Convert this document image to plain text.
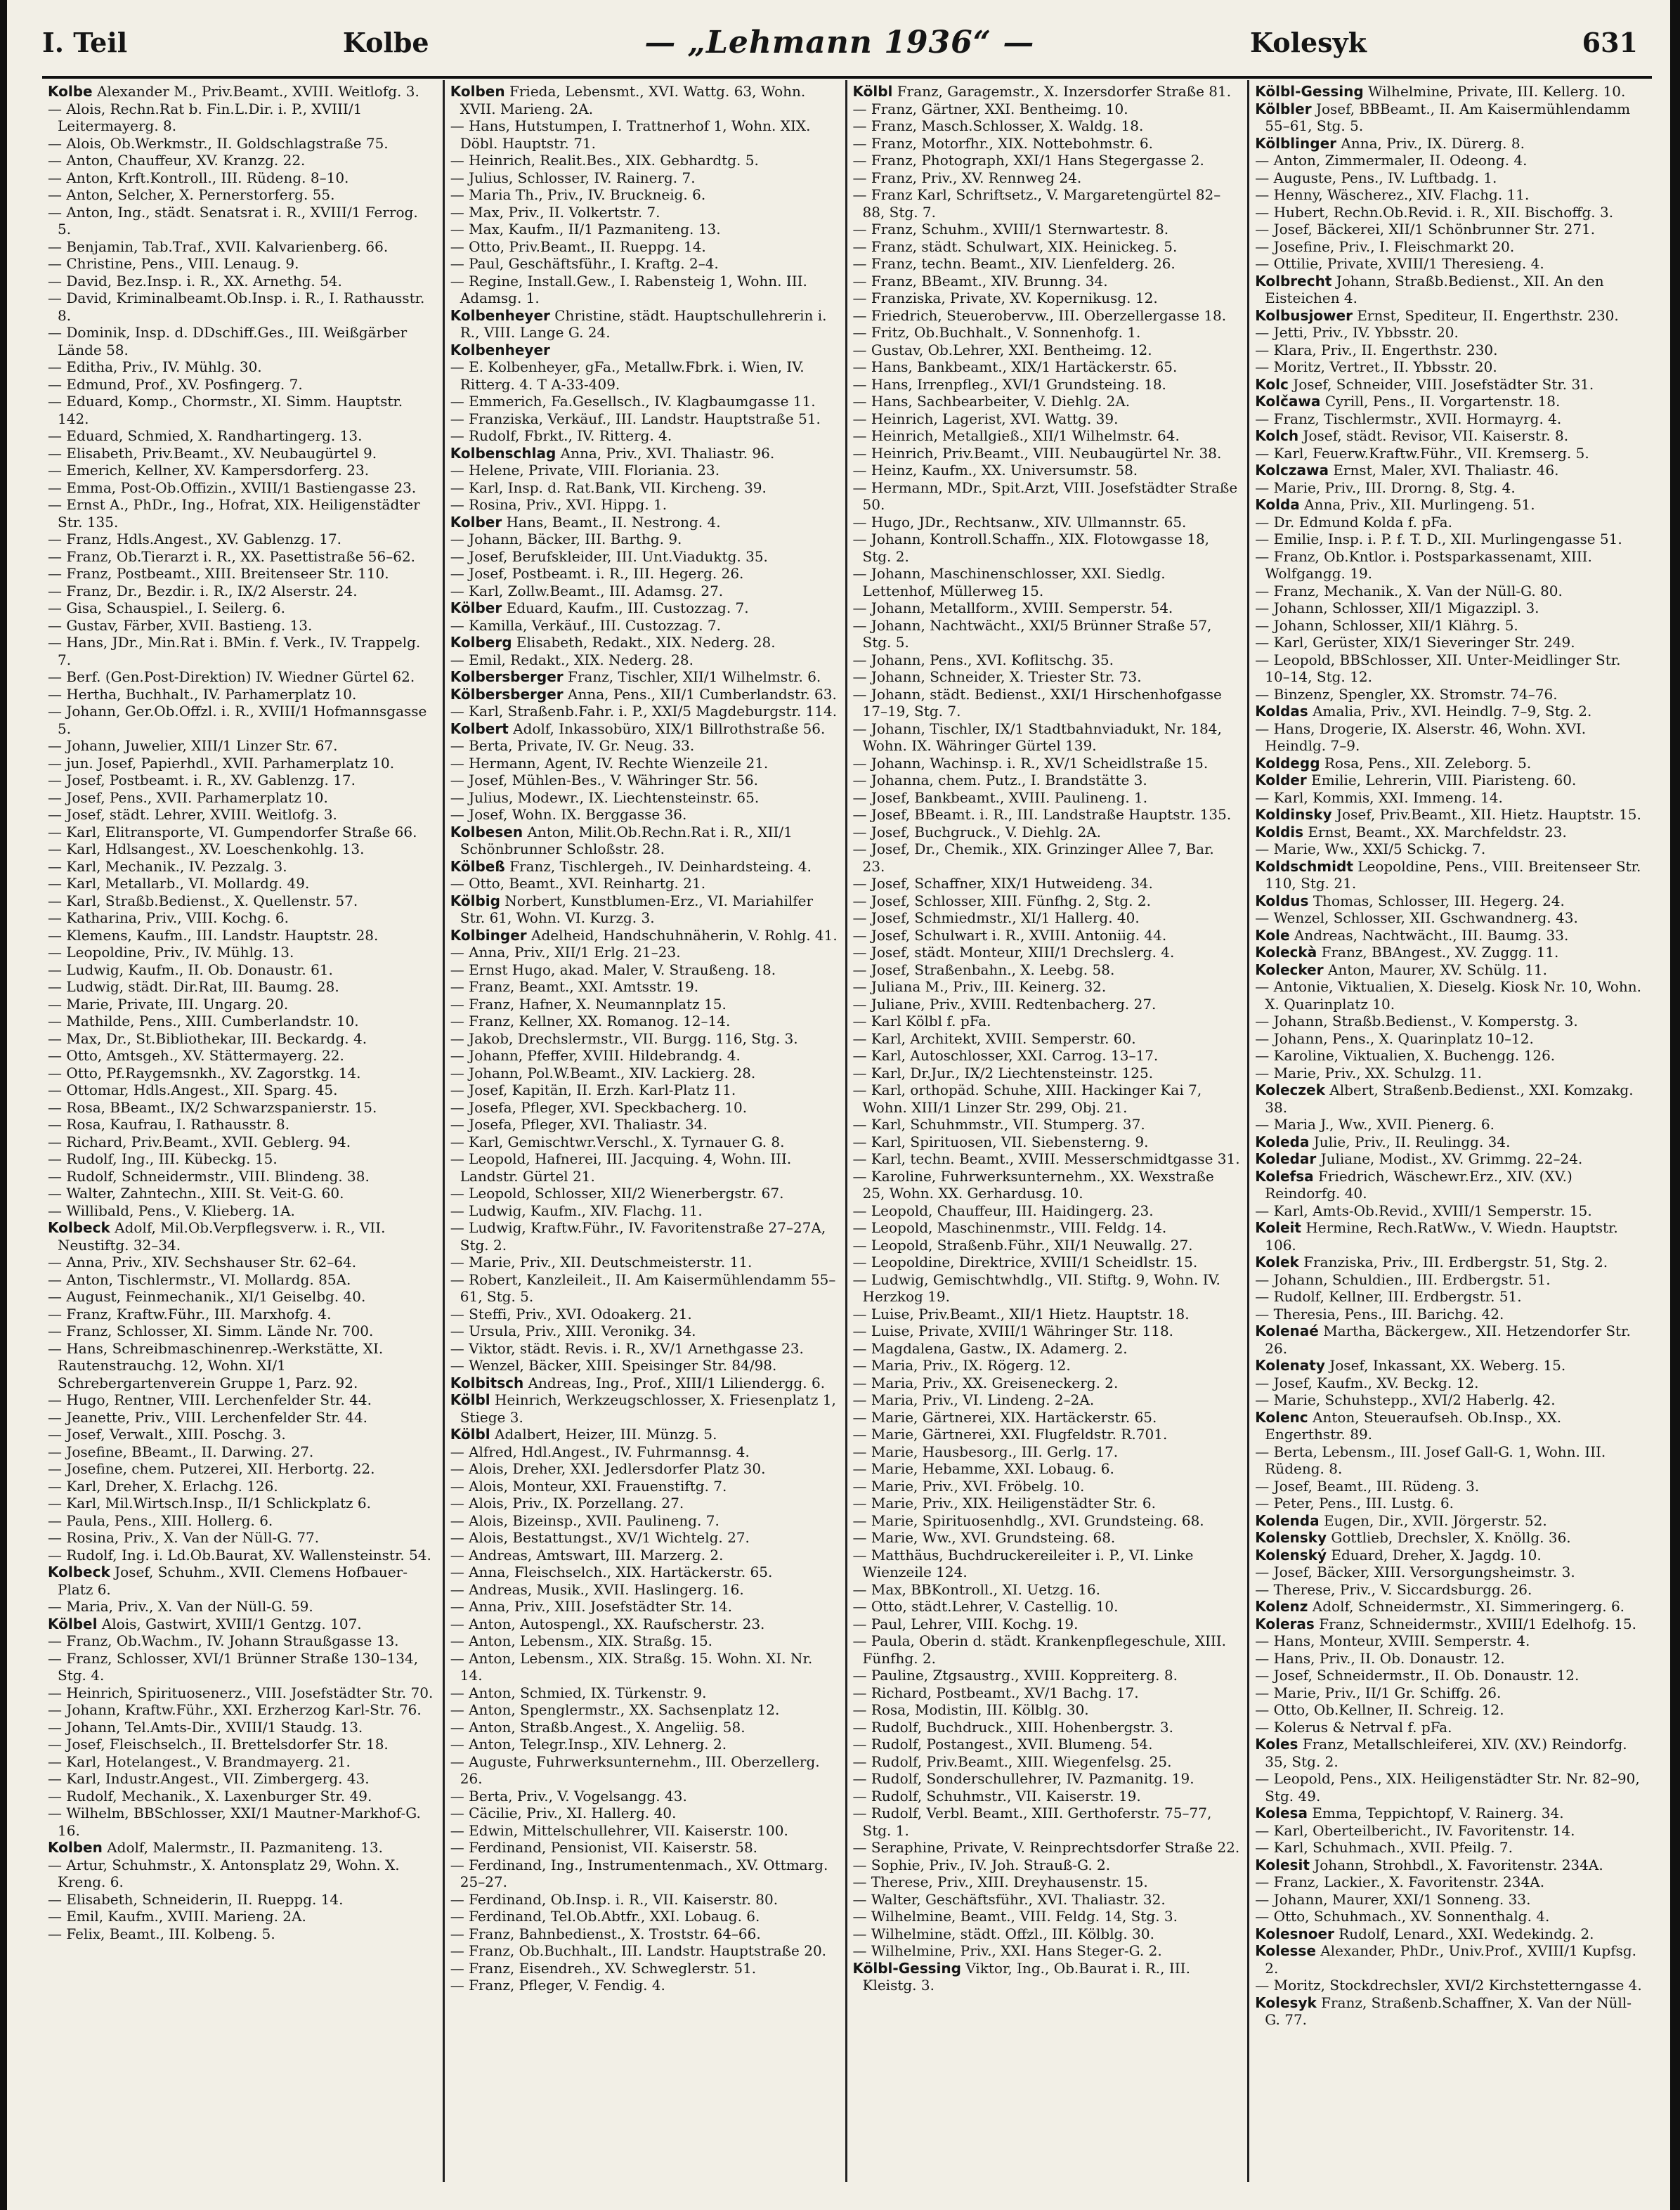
I. Teil	Kolbe	— „Lehmann 1936“ —	Kolesyk	631

Kolbe Alexander M., Priv.Beamt., XVIII. Weitlofg. 3.

— Alois, Rechn.Rat b. Fin.L.Dir. i. P., XVIII/1 Leitermayerg. 8.

— Alois, Ob.Werkmstr., II. Goldschlagstraße 75.

— Anton, Chauffeur, XV. Kranzg. 22.

— Anton, Krft.Kontroll., III. Rüdeng. 8–10.

— Anton, Selcher, X. Pernerstorferg. 55.

— Anton, Ing., städt. Senatsrat i. R., XVIII/1 Ferrog. 5.

— Benjamin, Tab.Traf., XVII. Kalvarienberg. 66.

— Christine, Pens., VIII. Lenaug. 9.

— David, Bez.Insp. i. R., XX. Arnethg. 54.

— David, Kriminalbeamt.Ob.Insp. i. R., I. Rathausstr. 8.

— Dominik, Insp. d. DDschiff.Ges., III. Weißgärber Lände 58.

— Editha, Priv., IV. Mühlg. 30.

— Edmund, Prof., XV. Posfingerg. 7.

— Eduard, Komp., Chormstr., XI. Simm. Hauptstr. 142.

— Eduard, Schmied, X. Randhartingerg. 13.

— Elisabeth, Priv.Beamt., XV. Neubaugürtel 9.

— Emerich, Kellner, XV. Kampersdorferg. 23.

— Emma, Post-Ob.Offizin., XVIII/1 Bastiengasse 23.

— Ernst A., PhDr., Ing., Hofrat, XIX. Heiligenstädter Str. 135.

— Franz, Hdls.Angest., XV. Gablenzg. 17.

— Franz, Ob.Tierarzt i. R., XX. Pasettistraße 56–62.

— Franz, Postbeamt., XIII. Breitenseer Str. 110.

— Franz, Dr., Bezdir. i. R., IX/2 Alserstr. 24.

— Gisa, Schauspiel., I. Seilerg. 6.

— Gustav, Färber, XVII. Bastieng. 13.

— Hans, JDr., Min.Rat i. BMin. f. Verk., IV. Trappelg. 7.

— Berf. (Gen.Post-Direktion) IV. Wiedner Gürtel 62.

— Hertha, Buchhalt., IV. Parhamerplatz 10.

— Johann, Ger.Ob.Offzl. i. R., XVIII/1 Hofmannsgasse 5.

— Johann, Juwelier, XIII/1 Linzer Str. 67.

— jun. Josef, Papierhdl., XVII. Parhamerplatz 10.

— Josef, Postbeamt. i. R., XV. Gablenzg. 17.

— Josef, Pens., XVII. Parhamerplatz 10.

— Josef, städt. Lehrer, XVIII. Weitlofg. 3.

— Karl, Elitransporte, VI. Gumpendorfer Straße 66.

— Karl, Hdlsangest., XV. Loeschenkohlg. 13.

— Karl, Mechanik., IV. Pezzalg. 3.

— Karl, Metallarb., VI. Mollardg. 49.

— Karl, Straßb.Bedienst., X. Quellenstr. 57.

— Katharina, Priv., VIII. Kochg. 6.

— Klemens, Kaufm., III. Landstr. Hauptstr. 28.

— Leopoldine, Priv., IV. Mühlg. 13.

— Ludwig, Kaufm., II. Ob. Donaustr. 61.

— Ludwig, städt. Dir.Rat, III. Baumg. 28.

— Marie, Private, III. Ungarg. 20.

— Mathilde, Pens., XIII. Cumberlandstr. 10.

— Max, Dr., St.Bibliothekar, III. Beckardg. 4.

— Otto, Amtsgeh., XV. Stättermayerg. 22.

— Otto, Pf.Raygemsnkh., XV. Zagorstkg. 14.

— Ottomar, Hdls.Angest., XII. Sparg. 45.

— Rosa, BBeamt., IX/2 Schwarzspanierstr. 15.

— Rosa, Kaufrau, I. Rathausstr. 8.

— Richard, Priv.Beamt., XVII. Geblerg. 94.

— Rudolf, Ing., III. Kübeckg. 15.

— Rudolf, Schneidermstr., VIII. Blindeng. 38.

— Walter, Zahntechn., XIII. St. Veit-G. 60.

— Willibald, Pens., V. Klieberg. 1A.

Kolbeck Adolf, Mil.Ob.Verpflegsverw. i. R., VII. Neustiftg. 32–34.

— Anna, Priv., XIV. Sechshauser Str. 62–64.

— Anton, Tischlermstr., VI. Mollardg. 85A.

— August, Feinmechanik., XI/1 Geiselbg. 40.

— Franz, Kraftw.Führ., III. Marxhofg. 4.

— Franz, Schlosser, XI. Simm. Lände Nr. 700.

— Hans, Schreibmaschinenrep.-Werkstätte, XI. Rautenstrauchg. 12, Wohn. XI/1 Schrebergartenverein Gruppe 1, Parz. 92.

— Hugo, Rentner, VIII. Lerchenfelder Str. 44.

— Jeanette, Priv., VIII. Lerchenfelder Str. 44.

— Josef, Verwalt., XIII. Poschg. 3.

— Josefine, BBeamt., II. Darwing. 27.

— Josefine, chem. Putzerei, XII. Herbortg. 22.

— Karl, Dreher, X. Erlachg. 126.

— Karl, Mil.Wirtsch.Insp., II/1 Schlickplatz 6.

— Paula, Pens., XIII. Hollerg. 6.

— Rosina, Priv., X. Van der Nüll-G. 77.

— Rudolf, Ing. i. Ld.Ob.Baurat, XV. Wallensteinstr. 54.

Kolbeck Josef, Schuhm., XVII. Clemens Hofbauer-Platz 6.

— Maria, Priv., X. Van der Nüll-G. 59.

Kölbel Alois, Gastwirt, XVIII/1 Gentzg. 107.

— Franz, Ob.Wachm., IV. Johann Straußgasse 13.

— Franz, Schlosser, XVI/1 Brünner Straße 130–134, Stg. 4.

— Heinrich, Spirituosenerz., VIII. Josefstädter Str. 70.

— Johann, Kraftw.Führ., XXI. Erzherzog Karl-Str. 76.

— Johann, Tel.Amts-Dir., XVIII/1 Staudg. 13.

— Josef, Fleischselch., II. Brettelsdorfer Str. 18.

— Karl, Hotelangest., V. Brandmayerg. 21.

— Karl, Industr.Angest., VII. Zimbergerg. 43.

— Rudolf, Mechanik., X. Laxenburger Str. 49.

— Wilhelm, BBSchlosser, XXI/1 Mautner-Markhof-G. 16.

Kolben Adolf, Malermstr., II. Pazmaniteng. 13.

— Artur, Schuhmstr., X. Antonsplatz 29, Wohn. X. Kreng. 6.

— Elisabeth, Schneiderin, II. Rueppg. 14.

— Emil, Kaufm., XVIII. Marieng. 2A.

— Felix, Beamt., III. Kolbeng. 5.

Kolben Frieda, Lebensmt., XVI. Wattg. 63, Wohn. XVII. Marieng. 2A.

— Hans, Hutstumpen, I. Trattnerhof 1, Wohn. XIX. Döbl. Hauptstr. 71.

— Heinrich, Realit.Bes., XIX. Gebhardtg. 5.

— Julius, Schlosser, IV. Rainerg. 7.

— Maria Th., Priv., IV. Bruckneig. 6.

— Max, Priv., II. Volkertstr. 7.

— Max, Kaufm., II/1 Pazmaniteng. 13.

— Otto, Priv.Beamt., II. Rueppg. 14.

— Paul, Geschäftsführ., I. Kraftg. 2–4.

— Regine, Install.Gew., I. Rabensteig 1, Wohn. III. Adamsg. 1.

Kolbenheyer Christine, städt. Hauptschullehrerin i. R., VIII. Lange G. 24.

Kolbenheyer

— E. Kolbenheyer, gFa., Metallw.Fbrk. i. Wien, IV. Ritterg. 4. T A-33-409.

— Emmerich, Fa.Gesellsch., IV. Klagbaumgasse 11.

— Franziska, Verkäuf., III. Landstr. Hauptstraße 51.

— Rudolf, Fbrkt., IV. Ritterg. 4.

Kolbenschlag Anna, Priv., XVI. Thaliastr. 96.

— Helene, Private, VIII. Floriania. 23.

— Karl, Insp. d. Rat.Bank, VII. Kircheng. 39.

— Rosina, Priv., XVI. Hippg. 1.

Kolber Hans, Beamt., II. Nestrong. 4.

— Johann, Bäcker, III. Barthg. 9.

— Josef, Berufskleider, III. Unt.Viaduktg. 35.

— Josef, Postbeamt. i. R., III. Hegerg. 26.

— Karl, Zollw.Beamt., III. Adamsg. 27.

Kölber Eduard, Kaufm., III. Custozzag. 7.

— Kamilla, Verkäuf., III. Custozzag. 7.

Kolberg Elisabeth, Redakt., XIX. Nederg. 28.

— Emil, Redakt., XIX. Nederg. 28.

Kolbersberger Franz, Tischler, XII/1 Wilhelmstr. 6.

Kölbersberger Anna, Pens., XII/1 Cumberlandstr. 63.

— Karl, Straßenb.Fahr. i. P., XXI/5 Magdeburgstr. 114.

Kolbert Adolf, Inkassobüro, XIX/1 Billrothstraße 56.

— Berta, Private, IV. Gr. Neug. 33.

— Hermann, Agent, IV. Rechte Wienzeile 21.

— Josef, Mühlen-Bes., V. Währinger Str. 56.

— Julius, Modewr., IX. Liechtensteinstr. 65.

— Josef, Wohn. IX. Berggasse 36.

Kolbesen Anton, Milit.Ob.Rechn.Rat i. R., XII/1 Schönbrunner Schloßstr. 28.

Kölbeß Franz, Tischlergeh., IV. Deinhardsteing. 4.

— Otto, Beamt., XVI. Reinhartg. 21.

Kölbig Norbert, Kunstblumen-Erz., VI. Mariahilfer Str. 61, Wohn. VI. Kurzg. 3.

Kolbinger Adelheid, Handschuhnäherin, V. Rohlg. 41.

— Anna, Priv., XII/1 Erlg. 21–23.

— Ernst Hugo, akad. Maler, V. Straußeng. 18.

— Franz, Beamt., XXI. Amtsstr. 19.

— Franz, Hafner, X. Neumannplatz 15.

— Franz, Kellner, XX. Romanog. 12–14.

— Jakob, Drechslermstr., VII. Burgg. 116, Stg. 3.

— Johann, Pfeffer, XVIII. Hildebrandg. 4.

— Johann, Pol.W.Beamt., XIV. Lackierg. 28.

— Josef, Kapitän, II. Erzh. Karl-Platz 11.

— Josefa, Pfleger, XVI. Speckbacherg. 10.

— Josefa, Pfleger, XVI. Thaliastr. 34.

— Karl, Gemischtwr.Verschl., X. Tyrnauer G. 8.

— Leopold, Hafnerei, III. Jacquing. 4, Wohn. III. Landstr. Gürtel 21.

— Leopold, Schlosser, XII/2 Wienerbergstr. 67.

— Ludwig, Kaufm., XIV. Flachg. 11.

— Ludwig, Kraftw.Führ., IV. Favoritenstraße 27–27A, Stg. 2.

— Marie, Priv., XII. Deutschmeisterstr. 11.

— Robert, Kanzleileit., II. Am Kaisermühlendamm 55–61, Stg. 5.

— Steffi, Priv., XVI. Odoakerg. 21.

— Ursula, Priv., XIII. Veronikg. 34.

— Viktor, städt. Revis. i. R., XV/1 Arnethgasse 23.

— Wenzel, Bäcker, XIII. Speisinger Str. 84/98.

Kolbitsch Andreas, Ing., Prof., XIII/1 Liliendergg. 6.

Kölbl Heinrich, Werkzeugschlosser, X. Friesenplatz 1, Stiege 3.

Kölbl Adalbert, Heizer, III. Münzg. 5.

— Alfred, Hdl.Angest., IV. Fuhrmannsg. 4.

— Alois, Dreher, XXI. Jedlersdorfer Platz 30.

— Alois, Monteur, XXI. Frauenstiftg. 7.

— Alois, Priv., IX. Porzellang. 27.

— Alois, Bizeinsp., XVII. Paulineng. 7.

— Alois, Bestattungst., XV/1 Wichtelg. 27.

— Andreas, Amtswart, III. Marzerg. 2.

— Anna, Fleischselch., XIX. Hartäckerstr. 65.

— Andreas, Musik., XVII. Haslingerg. 16.

— Anna, Priv., XIII. Josefstädter Str. 14.

— Anton, Autospengl., XX. Raufscherstr. 23.

— Anton, Lebensm., XIX. Straßg. 15.

— Anton, Lebensm., XIX. Straßg. 15. Wohn. XI. Nr. 14.

— Anton, Schmied, IX. Türkenstr. 9.

— Anton, Spenglermstr., XX. Sachsenplatz 12.

— Anton, Straßb.Angest., X. Angeliig. 58.

— Anton, Telegr.Insp., XIV. Lehnerg. 2.

— Auguste, Fuhrwerksunternehm., III. Oberzellerg. 26.

— Berta, Priv., V. Vogelsangg. 43.

— Cäcilie, Priv., XI. Hallerg. 40.

— Edwin, Mittelschullehrer, VII. Kaiserstr. 100.

— Ferdinand, Pensionist, VII. Kaiserstr. 58.

— Ferdinand, Ing., Instrumentenmach., XV. Ottmarg. 25–27.

— Ferdinand, Ob.Insp. i. R., VII. Kaiserstr. 80.

— Ferdinand, Tel.Ob.Abtfr., XXI. Lobaug. 6.

— Franz, Bahnbedienst., X. Troststr. 64–66.

— Franz, Ob.Buchhalt., III. Landstr. Hauptstraße 20.

— Franz, Eisendreh., XV. Schweglerstr. 51.

— Franz, Pfleger, V. Fendig. 4.

Kölbl Franz, Garagemstr., X. Inzersdorfer Straße 81.

— Franz, Gärtner, XXI. Bentheimg. 10.

— Franz, Masch.Schlosser, X. Waldg. 18.

— Franz, Motorfhr., XIX. Nottebohmstr. 6.

— Franz, Photograph, XXI/1 Hans Stegergasse 2.

— Franz, Priv., XV. Rennweg 24.

— Franz Karl, Schriftsetz., V. Margaretengürtel 82–88, Stg. 7.

— Franz, Schuhm., XVIII/1 Sternwartestr. 8.

— Franz, städt. Schulwart, XIX. Heinickeg. 5.

— Franz, techn. Beamt., XIV. Lienfelderg. 26.

— Franz, BBeamt., XIV. Brunng. 34.

— Franziska, Private, XV. Kopernikusg. 12.

— Friedrich, Steuerobervw., III. Oberzellergasse 18.

— Fritz, Ob.Buchhalt., V. Sonnenhofg. 1.

— Gustav, Ob.Lehrer, XXI. Bentheimg. 12.

— Hans, Bankbeamt., XIX/1 Hartäckerstr. 65.

— Hans, Irrenpfleg., XVI/1 Grundsteing. 18.

— Hans, Sachbearbeiter, V. Diehlg. 2A.

— Heinrich, Lagerist, XVI. Wattg. 39.

— Heinrich, Metallgieß., XII/1 Wilhelmstr. 64.

— Heinrich, Priv.Beamt., VIII. Neubaugürtel Nr. 38.

— Heinz, Kaufm., XX. Universumstr. 58.

— Hermann, MDr., Spit.Arzt, VIII. Josefstädter Straße 50.

— Hugo, JDr., Rechtsanw., XIV. Ullmannstr. 65.

— Johann, Kontroll.Schaffn., XIX. Flotowgasse 18, Stg. 2.

— Johann, Maschinenschlosser, XXI. Siedlg. Lettenhof, Müllerweg 15.

— Johann, Metallform., XVIII. Semperstr. 54.

— Johann, Nachtwächt., XXI/5 Brünner Straße 57, Stg. 5.

— Johann, Pens., XVI. Koflitschg. 35.

— Johann, Schneider, X. Triester Str. 73.

— Johann, städt. Bedienst., XXI/1 Hirschenhofgasse 17–19, Stg. 7.

— Johann, Tischler, IX/1 Stadtbahnviadukt, Nr. 184, Wohn. IX. Währinger Gürtel 139.

— Johann, Wachinsp. i. R., XV/1 Scheidlstraße 15.

— Johanna, chem. Putz., I. Brandstätte 3.

— Josef, Bankbeamt., XVIII. Paulineng. 1.

— Josef, BBeamt. i. R., III. Landstraße Hauptstr. 135.

— Josef, Buchgruck., V. Diehlg. 2A.

— Josef, Dr., Chemik., XIX. Grinzinger Allee 7, Bar. 23.

— Josef, Schaffner, XIX/1 Hutweideng. 34.

— Josef, Schlosser, XIII. Fünfhg. 2, Stg. 2.

— Josef, Schmiedmstr., XI/1 Hallerg. 40.

— Josef, Schulwart i. R., XVIII. Antoniig. 44.

— Josef, städt. Monteur, XIII/1 Drechslerg. 4.

— Josef, Straßenbahn., X. Leebg. 58.

— Juliana M., Priv., III. Keinerg. 32.

— Juliane, Priv., XVIII. Redtenbacherg. 27.

— Karl Kölbl f. pFa.

— Karl, Architekt, XVIII. Semperstr. 60.

— Karl, Autoschlosser, XXI. Carrog. 13–17.

— Karl, Dr.Jur., IX/2 Liechtensteinstr. 125.

— Karl, orthopäd. Schuhe, XIII. Hackinger Kai 7, Wohn. XIII/1 Linzer Str. 299, Obj. 21.

— Karl, Schuhmmstr., VII. Stumperg. 37.

— Karl, Spirituosen, VII. Siebensterng. 9.

— Karl, techn. Beamt., XVIII. Messerschmidtgasse 31.

— Karoline, Fuhrwerksunternehm., XX. Wexstraße 25, Wohn. XX. Gerhardusg. 10.

— Leopold, Chauffeur, III. Haidingerg. 23.

— Leopold, Maschinenmstr., VIII. Feldg. 14.

— Leopold, Straßenb.Führ., XII/1 Neuwallg. 27.

— Leopoldine, Direktrice, XVIII/1 Scheidlstr. 15.

— Ludwig, Gemischtwhdlg., VII. Stiftg. 9, Wohn. IV. Herzkog 19.

— Luise, Priv.Beamt., XII/1 Hietz. Hauptstr. 18.

— Luise, Private, XVIII/1 Währinger Str. 118.

— Magdalena, Gastw., IX. Adamerg. 2.

— Maria, Priv., IX. Rögerg. 12.

— Maria, Priv., XX. Greiseneckerg. 2.

— Maria, Priv., VI. Lindeng. 2–2A.

— Marie, Gärtnerei, XIX. Hartäckerstr. 65.

— Marie, Gärtnerei, XXI. Flugfeldstr. R.701.

— Marie, Hausbesorg., III. Gerlg. 17.

— Marie, Hebamme, XXI. Lobaug. 6.

— Marie, Priv., XVI. Fröbelg. 10.

— Marie, Priv., XIX. Heiligenstädter Str. 6.

— Marie, Spirituosenhdlg., XVI. Grundsteing. 68.

— Marie, Ww., XVI. Grundsteing. 68.

— Matthäus, Buchdruckereileiter i. P., VI. Linke Wienzeile 124.

— Max, BBKontroll., XI. Uetzg. 16.

— Otto, städt.Lehrer, V. Castellig. 10.

— Paul, Lehrer, VIII. Kochg. 19.

— Paula, Oberin d. städt. Krankenpflegeschule, XIII. Fünfhg. 2.

— Pauline, Ztgsaustrg., XVIII. Koppreiterg. 8.

— Richard, Postbeamt., XV/1 Bachg. 17.

— Rosa, Modistin, III. Kölblg. 30.

— Rudolf, Buchdruck., XIII. Hohenbergstr. 3.

— Rudolf, Postangest., XVII. Blumeng. 54.

— Rudolf, Priv.Beamt., XIII. Wiegenfelsg. 25.

— Rudolf, Sonderschullehrer, IV. Pazmanitg. 19.

— Rudolf, Schuhmstr., VII. Kaiserstr. 19.

— Rudolf, Verbl. Beamt., XIII. Gerthoferstr. 75–77, Stg. 1.

— Seraphine, Private, V. Reinprechtsdorfer Straße 22.

— Sophie, Priv., IV. Joh. Strauß-G. 2.

— Therese, Priv., XIII. Dreyhausenstr. 15.

— Walter, Geschäftsführ., XVI. Thaliastr. 32.

— Wilhelmine, Beamt., VIII. Feldg. 14, Stg. 3.

— Wilhelmine, städt. Offzl., III. Kölblg. 30.

— Wilhelmine, Priv., XXI. Hans Steger-G. 2.

Kölbl-Gessing Viktor, Ing., Ob.Baurat i. R., III. Kleistg. 3.

Kölbl-Gessing Wilhelmine, Private, III. Kellerg. 10.

Kölbler Josef, BBBeamt., II. Am Kaisermühlendamm 55–61, Stg. 5.

Kölblinger Anna, Priv., IX. Dürerg. 8.

— Anton, Zimmermaler, II. Odeong. 4.

— Auguste, Pens., IV. Luftbadg. 1.

— Henny, Wäscherez., XIV. Flachg. 11.

— Hubert, Rechn.Ob.Revid. i. R., XII. Bischoffg. 3.

— Josef, Bäckerei, XII/1 Schönbrunner Str. 271.

— Josefine, Priv., I. Fleischmarkt 20.

— Ottilie, Private, XVIII/1 Theresieng. 4.

Kolbrecht Johann, Straßb.Bedienst., XII. An den Eisteichen 4.

Kolbusjower Ernst, Spediteur, II. Engerthstr. 230.

— Jetti, Priv., IV. Ybbsstr. 20.

— Klara, Priv., II. Engerthstr. 230.

— Moritz, Vertret., II. Ybbsstr. 20.

Kolc Josef, Schneider, VIII. Josefstädter Str. 31.

Kolčawa Cyrill, Pens., II. Vorgartenstr. 18.

— Franz, Tischlermstr., XVII. Hormayrg. 4.

Kolch Josef, städt. Revisor, VII. Kaiserstr. 8.

— Karl, Feuerw.Kraftw.Führ., VII. Kremserg. 5.

Kolczawa Ernst, Maler, XVI. Thaliastr. 46.

— Marie, Priv., III. Drorng. 8, Stg. 4.

Kolda Anna, Priv., XII. Murlingeng. 51.

— Dr. Edmund Kolda f. pFa.

— Emilie, Insp. i. P. f. T. D., XII. Murlingengasse 51.

— Franz, Ob.Kntlor. i. Postsparkassenamt, XIII. Wolfgangg. 19.

— Franz, Mechanik., X. Van der Nüll-G. 80.

— Johann, Schlosser, XII/1 Migazzipl. 3.

— Johann, Schlosser, XII/1 Klährg. 5.

— Karl, Gerüster, XIX/1 Sieveringer Str. 249.

— Leopold, BBSchlosser, XII. Unter-Meidlinger Str. 10–14, Stg. 12.

— Binzenz, Spengler, XX. Stromstr. 74–76.

Koldas Amalia, Priv., XVI. Heindlg. 7–9, Stg. 2.

— Hans, Drogerie, IX. Alserstr. 46, Wohn. XVI. Heindlg. 7–9.

Koldegg Rosa, Pens., XII. Zeleborg. 5.

Kolder Emilie, Lehrerin, VIII. Piaristeng. 60.

— Karl, Kommis, XXI. Immeng. 14.

Koldinsky Josef, Priv.Beamt., XII. Hietz. Hauptstr. 15.

Koldis Ernst, Beamt., XX. Marchfeldstr. 23.

— Marie, Ww., XXI/5 Schickg. 7.

Koldschmidt Leopoldine, Pens., VIII. Breitenseer Str. 110, Stg. 21.

Koldus Thomas, Schlosser, III. Hegerg. 24.

— Wenzel, Schlosser, XII. Gschwandnerg. 43.

Kole Andreas, Nachtwächt., III. Baumg. 33.

Koleckà Franz, BBAngest., XV. Zuggg. 11.

Kolecker Anton, Maurer, XV. Schülg. 11.

— Antonie, Viktualien, X. Dieselg. Kiosk Nr. 10, Wohn. X. Quarinplatz 10.

— Johann, Straßb.Bedienst., V. Komperstg. 3.

— Johann, Pens., X. Quarinplatz 10–12.

— Karoline, Viktualien, X. Buchengg. 126.

— Marie, Priv., XX. Schulzg. 11.

Koleczek Albert, Straßenb.Bedienst., XXI. Komzakg. 38.

— Maria J., Ww., XVII. Pienerg. 6.

Koleda Julie, Priv., II. Reulingg. 34.

Koledar Juliane, Modist., XV. Grimmg. 22–24.

Kolefsa Friedrich, Wäschewr.Erz., XIV. (XV.) Reindorfg. 40.

— Karl, Amts-Ob.Revid., XVIII/1 Semperstr. 15.

Koleit Hermine, Rech.RatWw., V. Wiedn. Hauptstr. 106.

Kolek Franziska, Priv., III. Erdbergstr. 51, Stg. 2.

— Johann, Schuldien., III. Erdbergstr. 51.

— Rudolf, Kellner, III. Erdbergstr. 51.

— Theresia, Pens., III. Barichg. 42.

Kolenaé Martha, Bäckergew., XII. Hetzendorfer Str. 26.

Kolenaty Josef, Inkassant, XX. Weberg. 15.

— Josef, Kaufm., XV. Beckg. 12.

— Marie, Schuhstepp., XVI/2 Haberlg. 42.

Kolenc Anton, Steueraufseh. Ob.Insp., XX. Engerthstr. 89.

— Berta, Lebensm., III. Josef Gall-G. 1, Wohn. III. Rüdeng. 8.

— Josef, Beamt., III. Rüdeng. 3.

— Peter, Pens., III. Lustg. 6.

Kolenda Eugen, Dir., XVII. Jörgerstr. 52.

Kolensky Gottlieb, Drechsler, X. Knöllg. 36.

Kolenský Eduard, Dreher, X. Jagdg. 10.

— Josef, Bäcker, XIII. Versorgungsheimstr. 3.

— Therese, Priv., V. Siccardsburgg. 26.

Kolenz Adolf, Schneidermstr., XI. Simmeringerg. 6.

Koleras Franz, Schneidermstr., XVIII/1 Edelhofg. 15.

— Hans, Monteur, XVIII. Semperstr. 4.

— Hans, Priv., II. Ob. Donaustr. 12.

— Josef, Schneidermstr., II. Ob. Donaustr. 12.

— Marie, Priv., II/1 Gr. Schiffg. 26.

— Otto, Ob.Kellner, II. Schreig. 12.

— Kolerus & Netrval f. pFa.

Koles Franz, Metallschleiferei, XIV. (XV.) Reindorfg. 35, Stg. 2.

— Leopold, Pens., XIX. Heiligenstädter Str. Nr. 82–90, Stg. 49.

Kolesa Emma, Teppichtopf, V. Rainerg. 34.

— Karl, Oberteilbericht., IV. Favoritenstr. 14.

— Karl, Schuhmach., XVII. Pfeilg. 7.

Kolesit Johann, Strohbdl., X. Favoritenstr. 234A.

— Franz, Lackier., X. Favoritenstr. 234A.

— Johann, Maurer, XXI/1 Sonneng. 33.

— Otto, Schuhmach., XV. Sonnenthalg. 4.

Kolesnoer Rudolf, Lenard., XXI. Wedekindg. 2.

Kolesse Alexander, PhDr., Univ.Prof., XVIII/1 Kupfsg. 2.

— Moritz, Stockdrechsler, XVI/2 Kirchstetterngasse 4.

Kolesyk Franz, Straßenb.Schaffner, X. Van der Nüll-G. 77.
